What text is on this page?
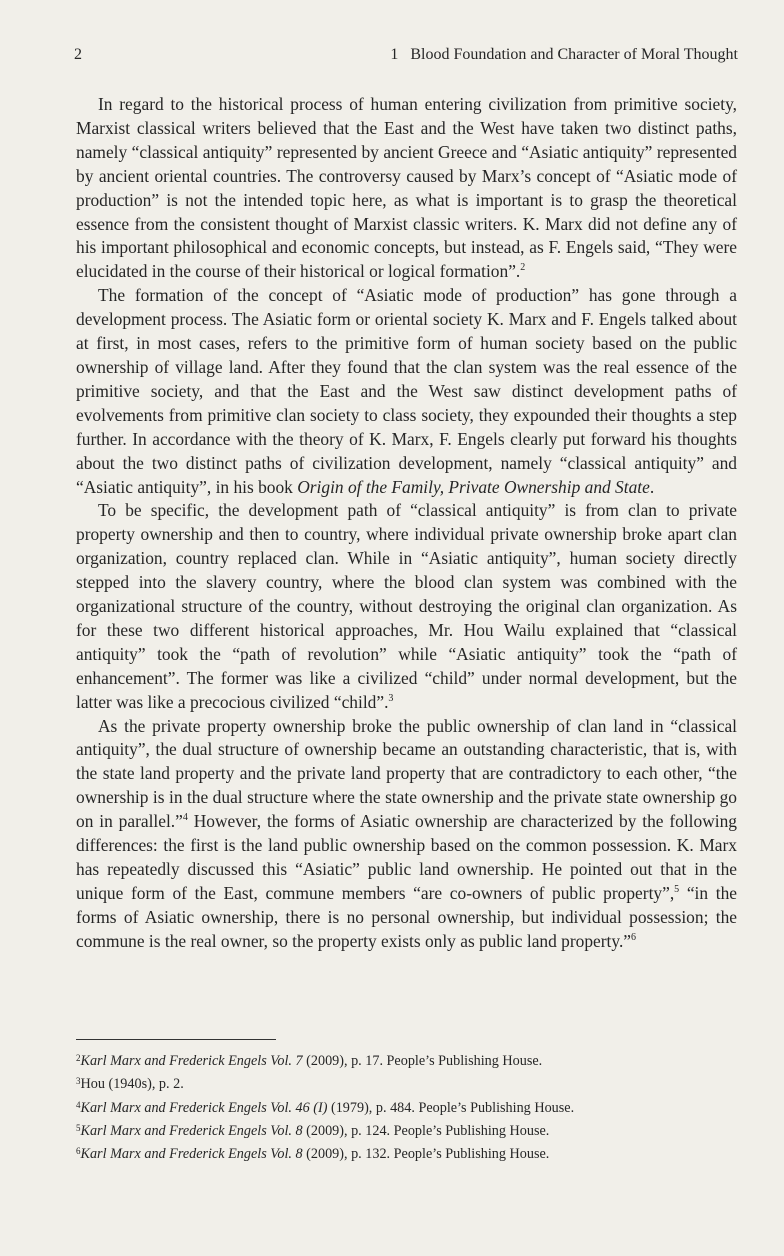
2	1 Blood Foundation and Character of Moral Thought

In regard to the historical process of human entering civilization from primitive society, Marxist classical writers believed that the East and the West have taken two distinct paths, namely “classical antiquity” represented by ancient Greece and “Asiatic antiquity” represented by ancient oriental countries. The controversy caused by Marx’s concept of “Asiatic mode of production” is not the intended topic here, as what is important is to grasp the theoretical essence from the consistent thought of Marxist classic writers. K. Marx did not define any of his important philosophical and economic concepts, but instead, as F. Engels said, “They were elucidated in the course of their historical or logical formation”.$^2$

The formation of the concept of “Asiatic mode of production” has gone through a development process. The Asiatic form or oriental society K. Marx and F. Engels talked about at first, in most cases, refers to the primitive form of human society based on the public ownership of village land. After they found that the clan system was the real essence of the primitive society, and that the East and the West saw distinct development paths of evolvements from primitive clan society to class society, they expounded their thoughts a step further. In accordance with the theory of K. Marx, F. Engels clearly put forward his thoughts about the two distinct paths of civilization development, namely “classical antiquity” and “Asiatic antiquity”, in his book Origin of the Family, Private Ownership and State.

To be specific, the development path of “classical antiquity” is from clan to private property ownership and then to country, where individual private ownership broke apart clan organization, country replaced clan. While in “Asiatic antiquity”, human society directly stepped into the slavery country, where the blood clan system was combined with the organizational structure of the country, without destroying the original clan organization. As for these two different historical approaches, Mr. Hou Wailu explained that “classical antiquity” took the “path of revolution” while “Asiatic antiquity” took the “path of enhancement”. The former was like a civilized “child” under normal development, but the latter was like a precocious civilized “child”.$^3$

As the private property ownership broke the public ownership of clan land in “classical antiquity”, the dual structure of ownership became an outstanding characteristic, that is, with the state land property and the private land property that are contradictory to each other, “the ownership is in the dual structure where the state ownership and the private state ownership go on in parallel.”$^4$ However, the forms of Asiatic ownership are characterized by the following differences: the first is the land public ownership based on the common possession. K. Marx has repeatedly discussed this “Asiatic” public land ownership. He pointed out that in the unique form of the East, commune members “are co-owners of public property”,$^5$ “in the forms of Asiatic ownership, there is no personal ownership, but individual possession; the commune is the real owner, so the property exists only as public land property.”$^6$

$^2$Karl Marx and Frederick Engels Vol. 7 (2009), p. 17. People’s Publishing House.

$^3$Hou (1940s), p. 2.

$^4$Karl Marx and Frederick Engels Vol. 46 (I) (1979), p. 484. People’s Publishing House.

$^5$Karl Marx and Frederick Engels Vol. 8 (2009), p. 124. People’s Publishing House.

$^6$Karl Marx and Frederick Engels Vol. 8 (2009), p. 132. People’s Publishing House.
